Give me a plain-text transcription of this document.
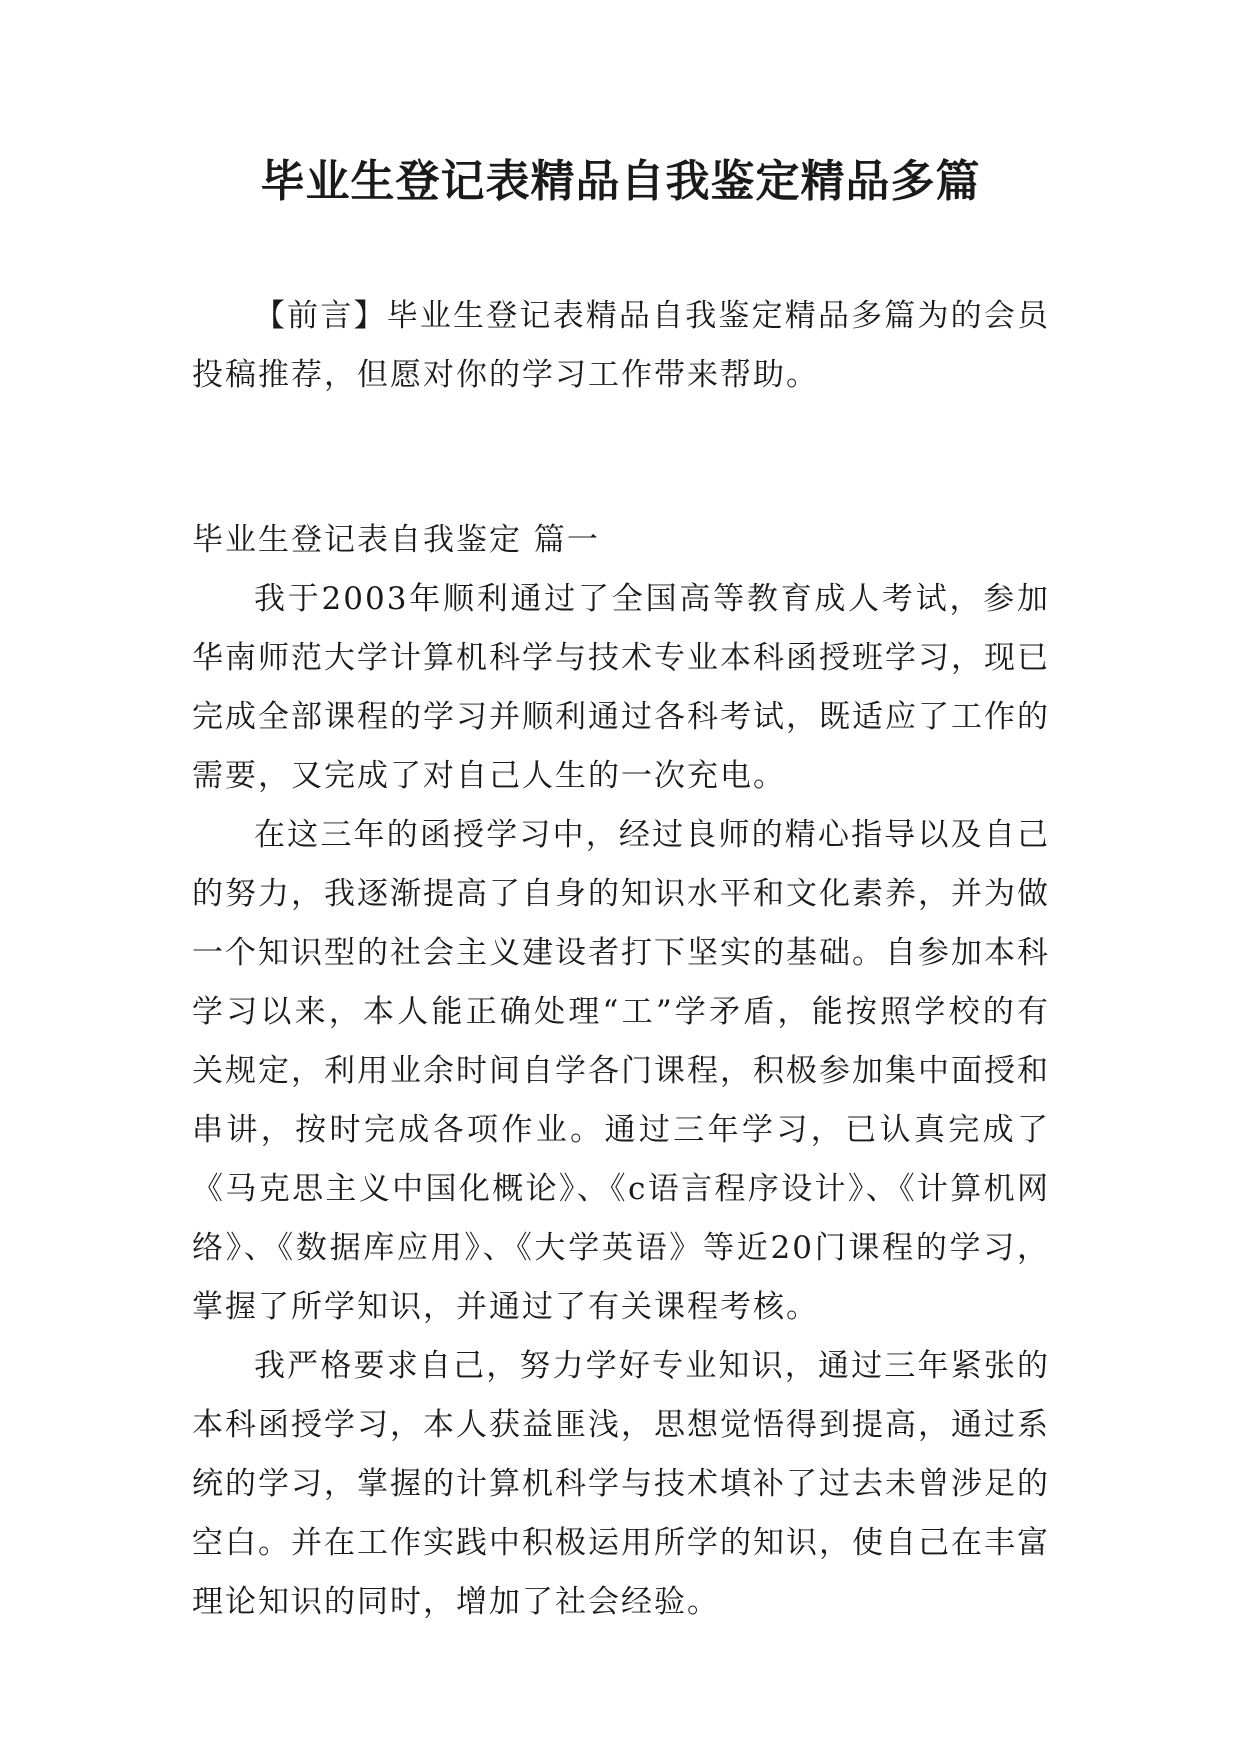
毕业生登记表精品自我鉴定精品多篇

【前言】毕业生登记表精品自我鉴定精品多篇为的会员投稿推荐，但愿对你的学习工作带来帮助。

毕业生登记表自我鉴定 篇一

我于2003年顺利通过了全国高等教育成人考试，参加华南师范大学计算机科学与技术专业本科函授班学习，现已完成全部课程的学习并顺利通过各科考试，既适应了工作的需要，又完成了对自己人生的一次充电。

在这三年的函授学习中，经过良师的精心指导以及自己的努力，我逐渐提高了自身的知识水平和文化素养，并为做一个知识型的社会主义建设者打下坚实的基础。自参加本科学习以来，本人能正确处理“工”学矛盾，能按照学校的有关规定，利用业余时间自学各门课程，积极参加集中面授和串讲，按时完成各项作业。通过三年学习，已认真完成了《马克思主义中国化概论》、《c语言程序设计》、《计算机网络》、《数据库应用》、《大学英语》等近20门课程的学习，掌握了所学知识，并通过了有关课程考核。

我严格要求自己，努力学好专业知识，通过三年紧张的本科函授学习，本人获益匪浅，思想觉悟得到提高，通过系统的学习，掌握的计算机科学与技术填补了过去未曾涉足的空白。并在工作实践中积极运用所学的知识，使自己在丰富理论知识的同时，增加了社会经验。
